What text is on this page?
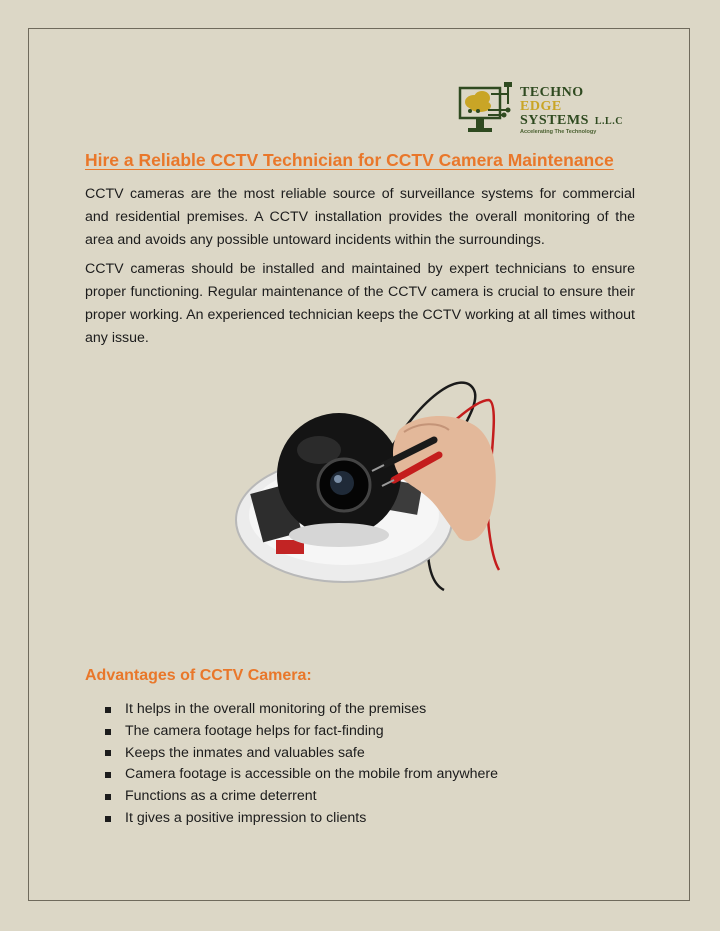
TECHNO
EDGE
SYSTEMS L.L.C
Accelerating The Technology
Hire a Reliable CCTV Technician for CCTV Camera Maintenance

CCTV cameras are the most reliable source of surveillance systems for commercial and residential premises. A CCTV installation provides the overall monitoring of the area and avoids any possible untoward incidents within the surroundings.

CCTV cameras should be installed and maintained by expert technicians to ensure proper functioning. Regular maintenance of the CCTV camera is crucial to ensure their proper working. An experienced technician keeps the CCTV working at all times without any issue.

Advantages of CCTV Camera:
It helps in the overall monitoring of the premises
The camera footage helps for fact-finding
Keeps the inmates and valuables safe
Camera footage is accessible on the mobile from anywhere
Functions as a crime deterrent
It gives a positive impression to clients
